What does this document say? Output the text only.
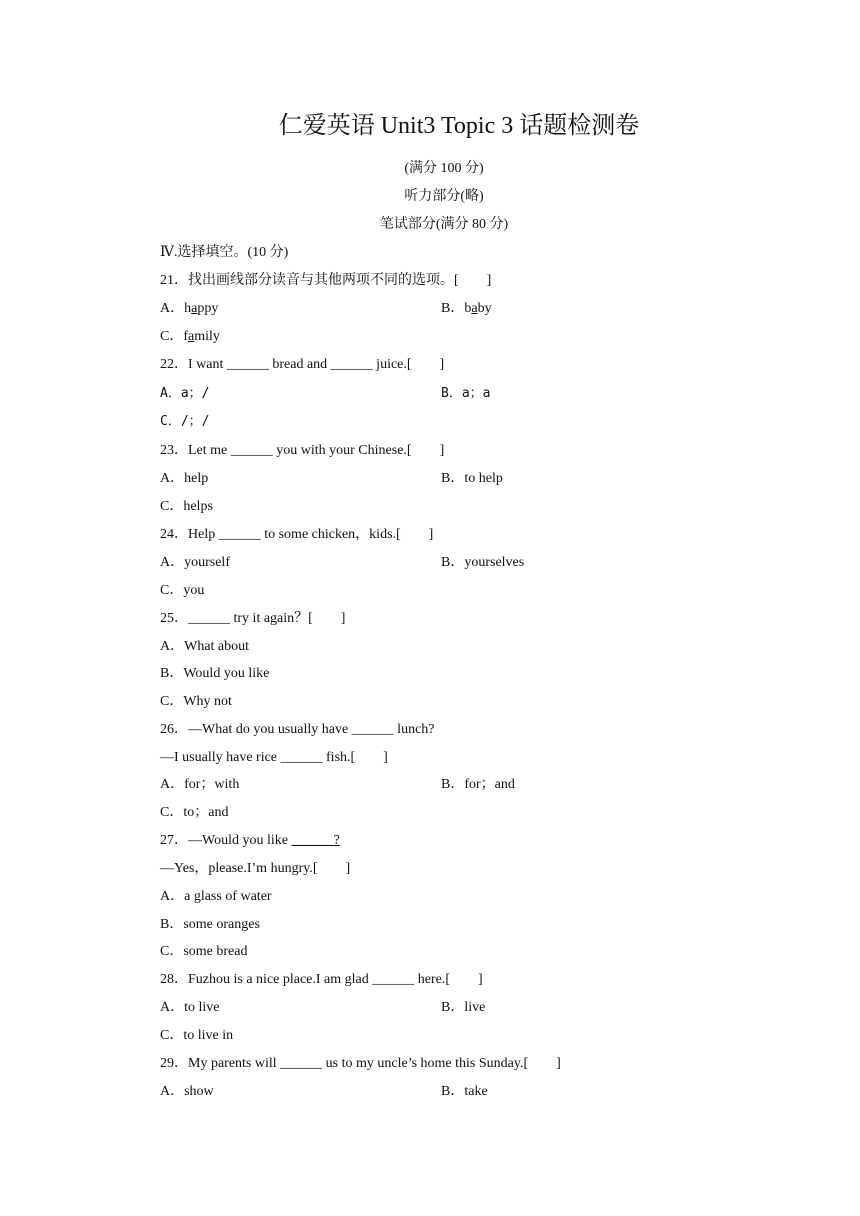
仁爱英语 Unit3 Topic 3 话题检测卷
(满分 100 分)
听力部分(略)
笔试部分(满分 80 分)
Ⅳ.选择填空。(10 分)
21．找出画线部分读音与其他两项不同的选项。[　　]
A．happy	B．baby
C．family
22．I want ______ bread and ______ juice.[　　]
A．a；/	B．a；a
C．/；/
23．Let me ______ you with your Chinese.[　　]
A．help	B．to help
C．helps
24．Help ______ to some chicken，kids.[　　]
A．yourself	B．yourselves
C．you
25．______ try it again？[　　]
A．What about
B．Would you like
C．Why not
26．—What do you usually have ______ lunch?
—I usually have rice ______ fish.[　　]
A．for；with	B．for；and
C．to；and
27．—Would you like ______?
—Yes，please.I’m hungry.[　　]
A．a glass of water
B．some oranges
C．some bread
28．Fuzhou is a nice place.I am glad ______ here.[　　]
A．to live	B．live
C．to live in
29．My parents will ______ us to my uncle’s home this Sunday.[　　]
A．show	B．take
